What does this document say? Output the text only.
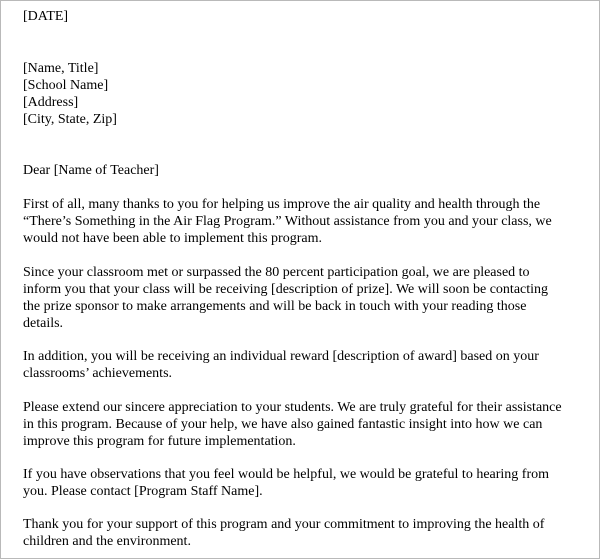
[DATE]
[Name, Title]
[School Name]
[Address]
[City, State, Zip]
Dear [Name of Teacher]
First of all, many thanks to you for helping us improve the air quality and health through the
“There’s Something in the Air Flag Program.” Without assistance from you and your class, we
would not have been able to implement this program.
Since your classroom met or surpassed the 80 percent participation goal, we are pleased to
inform you that your class will be receiving [description of prize]. We will soon be contacting
the prize sponsor to make arrangements and will be back in touch with your reading those
details.
In addition, you will be receiving an individual reward [description of award] based on your
classrooms’ achievements.
Please extend our sincere appreciation to your students. We are truly grateful for their assistance
in this program. Because of your help, we have also gained fantastic insight into how we can
improve this program for future implementation.
If you have observations that you feel would be helpful, we would be grateful to hearing from
you. Please contact [Program Staff Name].
Thank you for your support of this program and your commitment to improving the health of
children and the environment.
